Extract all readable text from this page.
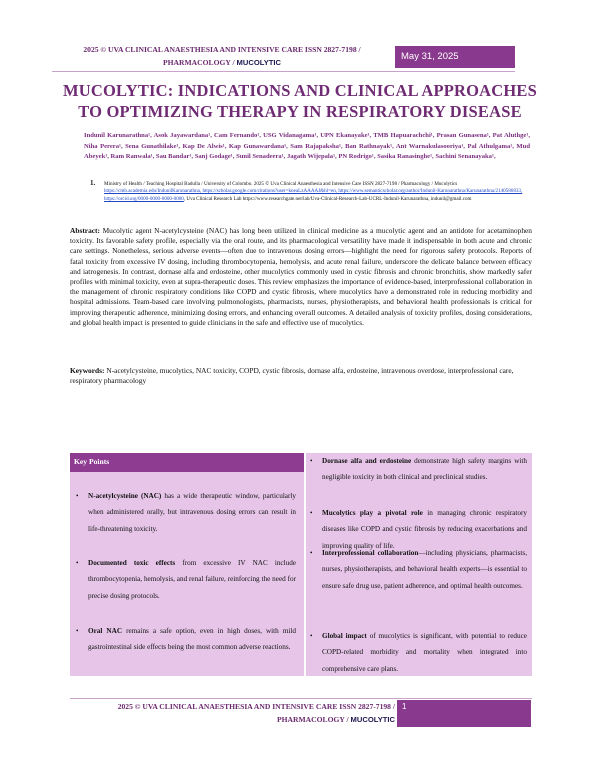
2025 © UVA CLINICAL ANAESTHESIA AND INTENSIVE CARE ISSN 2827-7198 /
PHARMACOLOGY / MUCOLYTIC
May 31, 2025
MUCOLYTIC: INDICATIONS AND CLINICAL APPROACHES
TO OPTIMIZING THERAPY IN RESPIRATORY DISEASE
Indunil Karunarathna¹, Asok Jayawardana¹, Cam Fernando¹, USG Vidanagama¹, UPN Ekanayake¹, TMB Hapuarachchi¹, Prasan Gunasena¹, Pat Aluthge¹, Niha Perera¹, Sena Gunathilake¹, Kap De Alwis¹, Kap Gunawardana¹, Sam Rajapaksha¹, Ban Rathnayak¹, Ant Warnakulasooriya¹, Pal Athulgama¹, Mud Abeyek¹, Ram Ranwala¹, Sau Bandar¹, Sanj Godage¹, Sunil Senadeera¹, Jagath Wijepala¹, PN Rodrigo¹, Sasika Ranasinghe¹, Sachini Senanayaka¹,
1. Ministry of Health / Teaching Hospital Badulla / University of Colombo. 2025 © Uva Clinical Anaesthesia and Intensive Care ISSN 2827-7198 / Pharmacology / Mucolytics https://cmb.academia.edu/IndunilKarunarathna, https://scholar.google.com/citations?user=kneaLzAAAAJ&hl=en, https://www.semanticscholar.org/author/Indunil-Karunarathna/Karunarathna/2140586833, https://orcid.org/0000-0000-0000-0000, Uva Clinical Research Lab https://www.researchgate.net/lab/Uva-Clinical-Research-Lab-UCRL-Indunil-Karunarathna, indunil@gmail.com
Abstract: Mucolytic agent N-acetylcysteine (NAC) has long been utilized in clinical medicine as a mucolytic agent and an antidote for acetaminophen toxicity. Its favorable safety profile, especially via the oral route, and its pharmacological versatility have made it indispensable in both acute and chronic care settings. Nonetheless, serious adverse events—often due to intravenous dosing errors—highlight the need for rigorous safety protocols. Reports of fatal toxicity from excessive IV dosing, including thrombocytopenia, hemolysis, and acute renal failure, underscore the delicate balance between efficacy and iatrogenesis. In contrast, dornase alfa and erdosteine, other mucolytics commonly used in cystic fibrosis and chronic bronchitis, show markedly safer profiles with minimal toxicity, even at supra-therapeutic doses. This review emphasizes the importance of evidence-based, interprofessional collaboration in the management of chronic respiratory conditions like COPD and cystic fibrosis, where mucolytics have a demonstrated role in reducing morbidity and hospital admissions. Team-based care involving pulmonologists, pharmacists, nurses, physiotherapists, and behavioral health professionals is critical for improving therapeutic adherence, minimizing dosing errors, and enhancing overall outcomes. A detailed analysis of toxicity profiles, dosing considerations, and global health impact is presented to guide clinicians in the safe and effective use of mucolytics.
Keywords: N-acetylcysteine, mucolytics, NAC toxicity, COPD, cystic fibrosis, dornase alfa, erdosteine, intravenous overdose, interprofessional care, respiratory pharmacology
Key Points
• N-acetylcysteine (NAC) has a wide therapeutic window, particularly when administered orally, but intravenous dosing errors can result in life-threatening toxicity.
• Documented toxic effects from excessive IV NAC include thrombocytopenia, hemolysis, and renal failure, reinforcing the need for precise dosing protocols.
• Oral NAC remains a safe option, even in high doses, with mild gastrointestinal side effects being the most common adverse reactions.
• Dornase alfa and erdosteine demonstrate high safety margins with negligible toxicity in both clinical and preclinical studies.
• Mucolytics play a pivotal role in managing chronic respiratory diseases like COPD and cystic fibrosis by reducing exacerbations and improving quality of life.
• Interprofessional collaboration—including physicians, pharmacists, nurses, physiotherapists, and behavioral health experts—is essential to ensure safe drug use, patient adherence, and optimal health outcomes.
• Global impact of mucolytics is significant, with potential to reduce COPD-related morbidity and mortality when integrated into comprehensive care plans.
2025 © UVA CLINICAL ANAESTHESIA AND INTENSIVE CARE ISSN 2827-7198 /
PHARMACOLOGY / MUCOLYTIC
1
